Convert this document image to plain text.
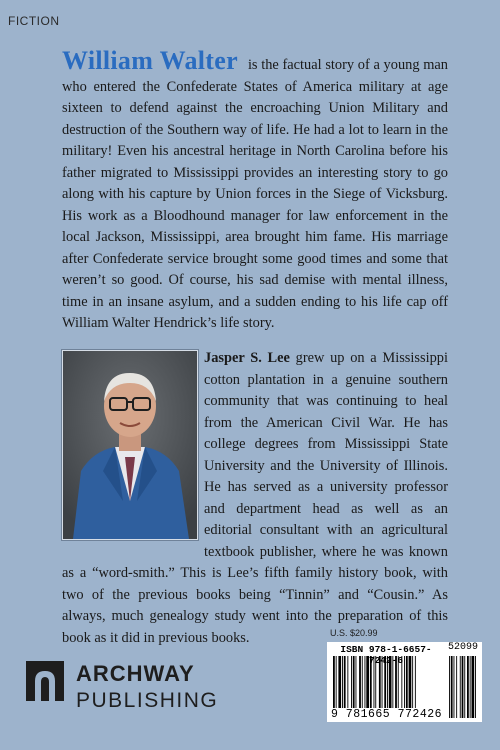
FICTION
William Walter is the factual story of a young man who entered the Confederate States of America military at age sixteen to defend against the encroaching Union Military and destruction of the Southern way of life. He had a lot to learn in the military! Even his ancestral heritage in North Carolina before his father migrated to Mississippi provides an interesting story to go along with his capture by Union forces in the Siege of Vicksburg. His work as a Bloodhound manager for law enforcement in the local Jackson, Mississippi, area brought him fame. His marriage after Confederate service brought some good times and some that weren’t so good. Of course, his sad demise with mental illness, time in an insane asylum, and a sudden ending to his life cap off William Walter Hendrick’s life story.
Jasper S. Lee grew up on a Mississippi cotton plantation in a genuine southern community that was continuing to heal from the American Civil War. He has college degrees from Mississippi State University and the University of Illinois. He has served as a university professor and department head as well as an editorial consultant with an agricultural textbook publisher, where he was known as a “word-smith.” This is Lee’s fifth family history book, with two of the previous books being “Tinnin” and “Cousin.” As always, much genealogy study went into the preparation of this book as it did in previous books.	U.S. $20.99
ARCHWAY
PUBLISHING
ISBN 978-1-6657-7242-6
52099
9 781665 772426
